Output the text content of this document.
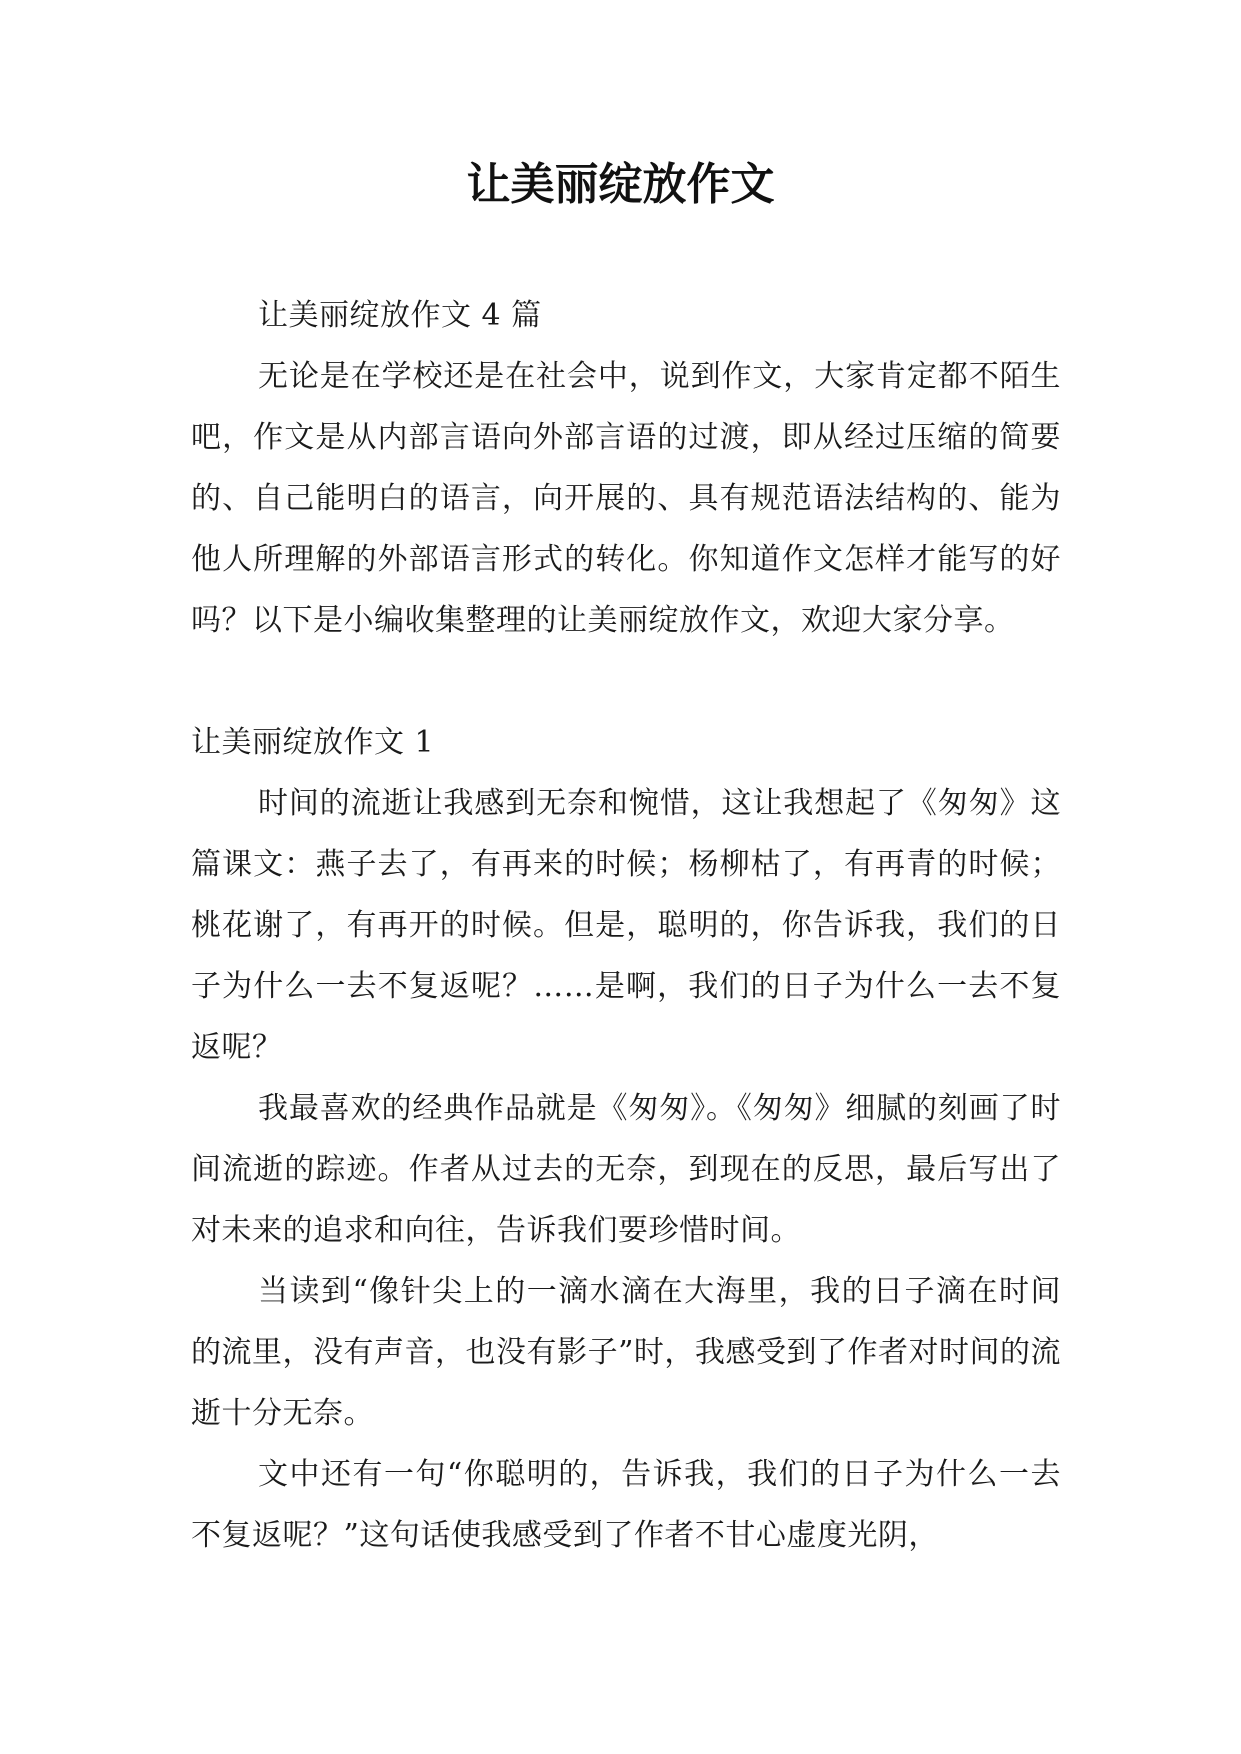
让美丽绽放作文

让美丽绽放作文 4 篇

无论是在学校还是在社会中，说到作文，大家肯定都不陌生吧，作文是从内部言语向外部言语的过渡，即从经过压缩的简要的、自己能明白的语言，向开展的、具有规范语法结构的、能为他人所理解的外部语言形式的转化。你知道作文怎样才能写的好吗？以下是小编收集整理的让美丽绽放作文，欢迎大家分享。

让美丽绽放作文 1

时间的流逝让我感到无奈和惋惜，这让我想起了《匆匆》这篇课文：燕子去了，有再来的时候；杨柳枯了，有再青的时候；桃花谢了，有再开的时候。但是，聪明的，你告诉我，我们的日子为什么一去不复返呢？……是啊，我们的日子为什么一去不复返呢？

我最喜欢的经典作品就是《匆匆》。《匆匆》细腻的刻画了时间流逝的踪迹。作者从过去的无奈，到现在的反思，最后写出了对未来的追求和向往，告诉我们要珍惜时间。

当读到“像针尖上的一滴水滴在大海里，我的日子滴在时间的流里，没有声音，也没有影子”时，我感受到了作者对时间的流逝十分无奈。

文中还有一句“你聪明的，告诉我，我们的日子为什么一去不复返呢？”这句话使我感受到了作者不甘心虚度光阴，
